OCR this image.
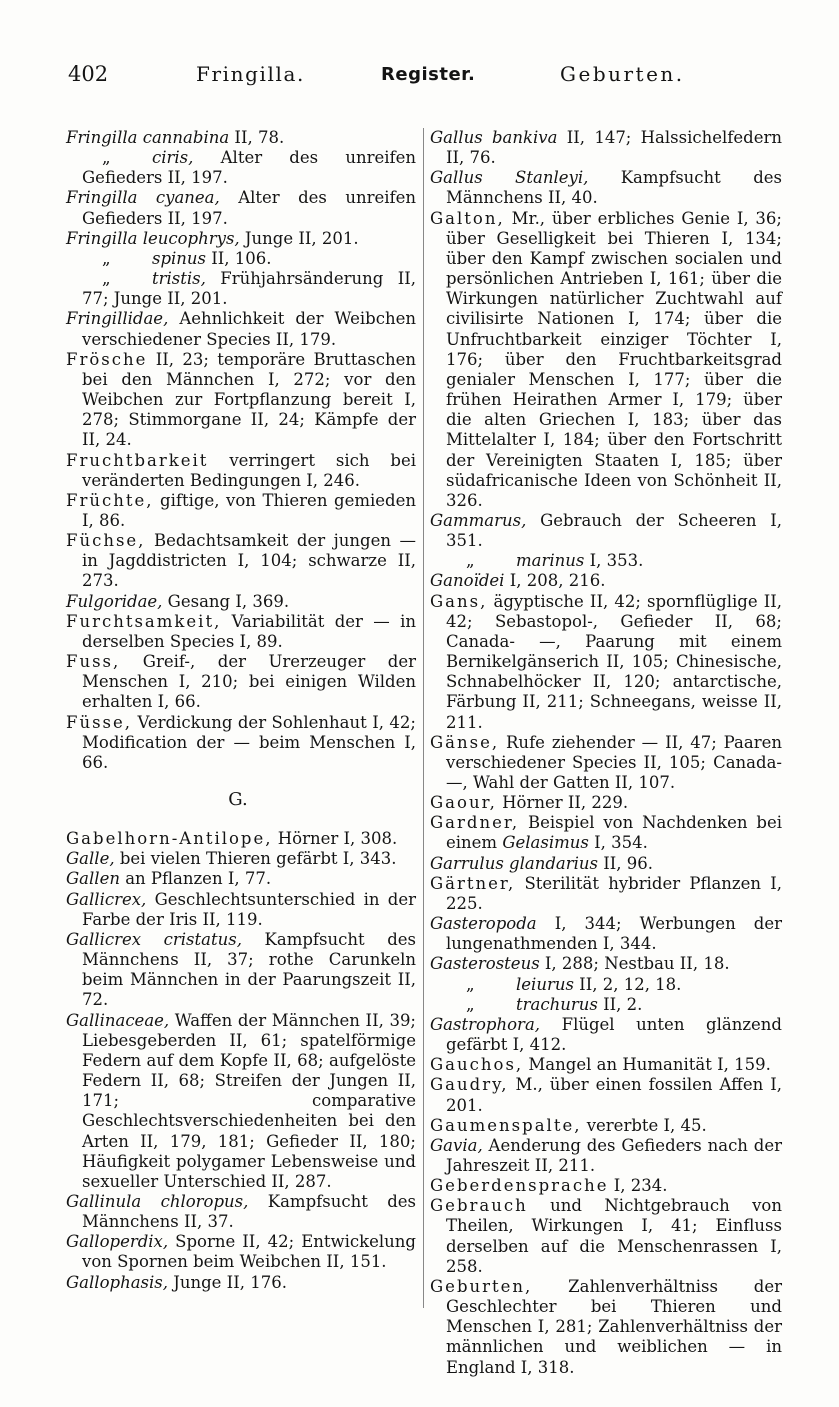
402	Fringilla.	Register.	Geburten.

Fringilla cannabina II, 78.

„	ciris, Alter des unreifen Gefieders II, 197.

Fringilla cyanea, Alter des unreifen Gefieders II, 197.

Fringilla leucophrys, Junge II, 201.

„	spinus II, 106.

„	tristis, Frühjahrsänderung II, 77; Junge II, 201.

Fringillidae, Aehnlichkeit der Weibchen verschiedener Species II, 179.

Frösche II, 23; temporäre Bruttaschen bei den Männchen I, 272; vor den Weibchen zur Fortpflanzung bereit I, 278; Stimmorgane II, 24; Kämpfe der II, 24.

Fruchtbarkeit verringert sich bei veränderten Bedingungen I, 246.

Früchte, giftige, von Thieren gemieden I, 86.

Füchse, Bedachtsamkeit der jungen — in Jagddistricten I, 104; schwarze II, 273.

Fulgoridae, Gesang I, 369.

Furchtsamkeit, Variabilität der — in derselben Species I, 89.

Fuss, Greif-, der Urerzeuger der Menschen I, 210; bei einigen Wilden erhalten I, 66.

Füsse, Verdickung der Sohlenhaut I, 42; Modification der — beim Menschen I, 66.

G.

Gabelhorn-Antilope, Hörner I, 308.

Galle, bei vielen Thieren gefärbt I, 343.

Gallen an Pflanzen I, 77.

Gallicrex, Geschlechtsunterschied in der Farbe der Iris II, 119.

Gallicrex cristatus, Kampfsucht des Männchens II, 37; rothe Carunkeln beim Männchen in der Paarungszeit II, 72.

Gallinaceae, Waffen der Männchen II, 39; Liebesgeberden II, 61; spatelförmige Federn auf dem Kopfe II, 68; aufgelöste Federn II, 68; Streifen der Jungen II, 171; comparative Geschlechtsverschiedenheiten bei den Arten II, 179, 181; Gefieder II, 180; Häufigkeit polygamer Lebensweise und sexueller Unterschied II, 287.

Gallinula chloropus, Kampfsucht des Männchens II, 37.

Galloperdix, Sporne II, 42; Entwickelung von Spornen beim Weibchen II, 151.

Gallophasis, Junge II, 176.

Gallus bankiva II, 147; Halssichelfedern II, 76.

Gallus Stanleyi, Kampfsucht des Männchens II, 40.

Galton, Mr., über erbliches Genie I, 36; über Geselligkeit bei Thieren I, 134; über den Kampf zwischen socialen und persönlichen Antrieben I, 161; über die Wirkungen natürlicher Zuchtwahl auf civilisirte Nationen I, 174; über die Unfruchtbarkeit einziger Töchter I, 176; über den Fruchtbarkeitsgrad genialer Menschen I, 177; über die frühen Heirathen Armer I, 179; über die alten Griechen I, 183; über das Mittelalter I, 184; über den Fortschritt der Vereinigten Staaten I, 185; über südafricanische Ideen von Schönheit II, 326.

Gammarus, Gebrauch der Scheeren I, 351.

„	marinus I, 353.

Ganoïdei I, 208, 216.

Gans, ägyptische II, 42; spornflüglige II, 42; Sebastopol-, Gefieder II, 68; Canada- —, Paarung mit einem Bernikelgänserich II, 105; Chinesische, Schnabelhöcker II, 120; antarctische, Färbung II, 211; Schneegans, weisse II, 211.

Gänse, Rufe ziehender — II, 47; Paaren verschiedener Species II, 105; Canada- —, Wahl der Gatten II, 107.

Gaour, Hörner II, 229.

Gardner, Beispiel von Nachdenken bei einem Gelasimus I, 354.

Garrulus glandarius II, 96.

Gärtner, Sterilität hybrider Pflanzen I, 225.

Gasteropoda I, 344; Werbungen der lungenathmenden I, 344.

Gasterosteus I, 288; Nestbau II, 18.

„	leiurus II, 2, 12, 18.

„	trachurus II, 2.

Gastrophora, Flügel unten glänzend gefärbt I, 412.

Gauchos, Mangel an Humanität I, 159.

Gaudry, M., über einen fossilen Affen I, 201.

Gaumenspalte, vererbte I, 45.

Gavia, Aenderung des Gefieders nach der Jahreszeit II, 211.

Geberdensprache I, 234.

Gebrauch und Nichtgebrauch von Theilen, Wirkungen I, 41; Einfluss derselben auf die Menschenrassen I, 258.

Geburten, Zahlenverhältniss der Geschlechter bei Thieren und Menschen I, 281; Zahlenverhältniss der männlichen und weiblichen — in England I, 318.
